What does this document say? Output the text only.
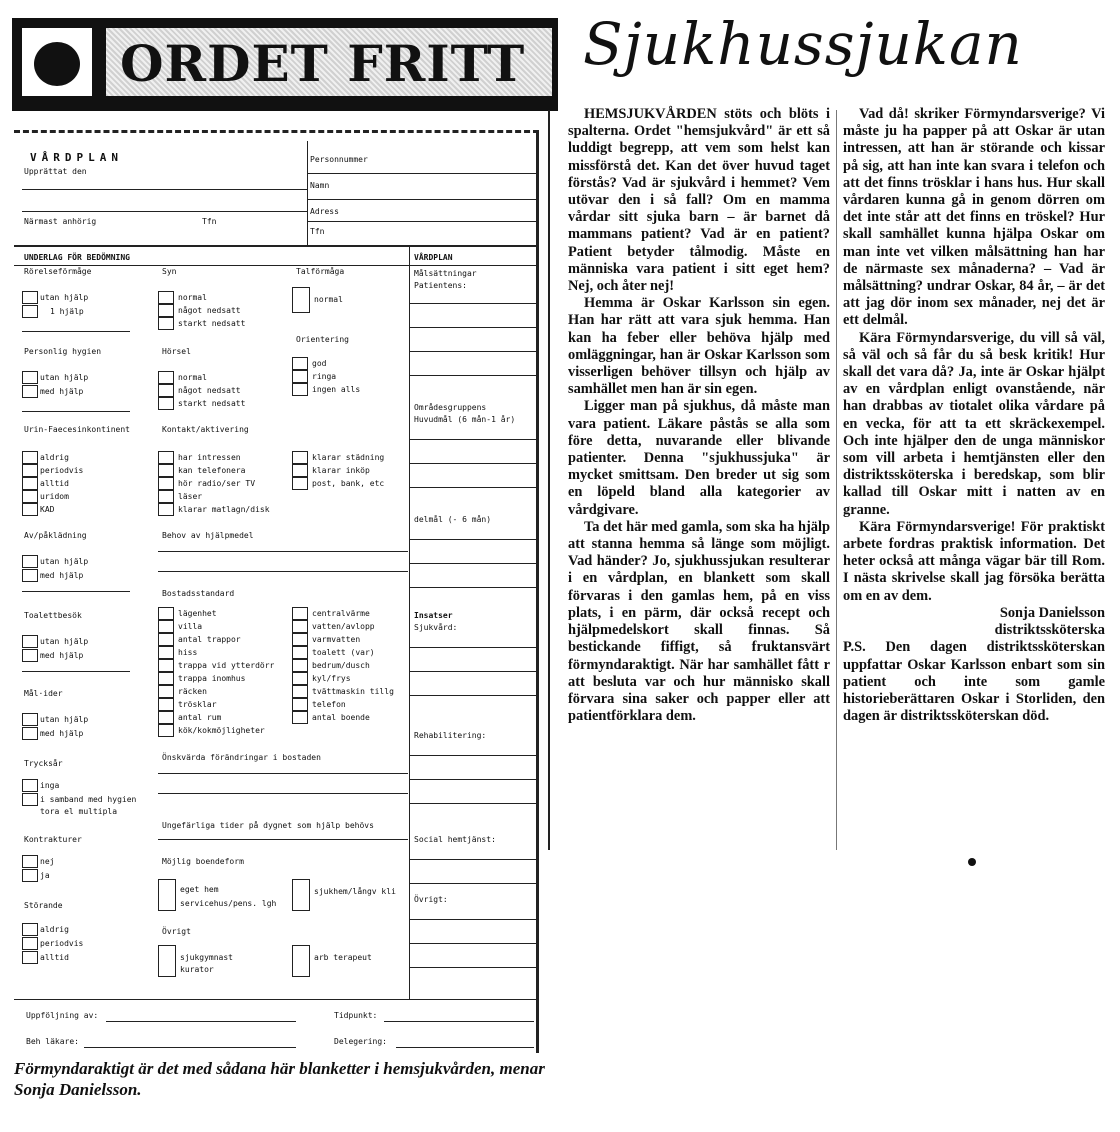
ORDET FRITT Sjukhussjukan
VÅRDPLAN
Upprättat den
Närmast anhörig	Tfn
Personnummer
Namn
Adress
Tfn
UNDERLAG FÖR BEDÖMNING	VÅRDPLAN
Rörelseförmåge
utan hjälp
1 hjälp
Personlig hygien
utan hjälp
med hjälp
Urin-Faecesinkontinent
aldrig
periodvis
alltid
uridom
KAD
Av/påklädning
utan hjälp
med hjälp
Toalettbesök
utan hjälp
med hjälp
Mål·ider
utan hjälp
med hjälp
Trycksår
inga
i samband med hygien
tora el multipla
Kontrakturer
nej
ja
Störande
aldrig
periodvis
alltid
Syn
normal
något nedsatt
starkt nedsatt
Hörsel
normal
något nedsatt
starkt nedsatt
Kontakt/aktivering
har intressen
kan telefonera
hör radio/ser TV
läser
klarar matlagn/disk
klarar städning
klarar inköp
post, bank, etc
Behov av hjälpmedel
Bostadsstandard
lägenhet
villa
antal trappor
hiss
trappa vid ytterdörr
trappa inomhus
räcken
trösklar
antal rum
kök/kokmöjligheter
centralvärme
vatten/avlopp
varmvatten
toalett (var)
bedrum/dusch
kyl/frys
tvättmaskin tillg
telefon
antal boende
Önskvärda förändringar i bostaden
Ungefärliga tider på dygnet som hjälp behövs
Möjlig boendeform
eget hem
servicehus/pens. lgh
sjukhem/långv kli
Övrigt
sjukgymnast
kurator
arb terapeut
Talförmåga
normal
Orientering
god
ringa
ingen alls
Målsättningar
Patientens:
Områdesgruppens
Huvudmål (6 mån-1 år)
delmål (- 6 mån)
Insatser
Sjukvård:
Rehabilitering:
Social hemtjänst:
Övrigt:
Uppföljning av:	Tidpunkt:
Beh läkare:	Delegering:
Förmyndaraktigt är det med sådana här blanketter i hemsjukvården, menar Sonja Danielsson.

HEMSJUKVÅRDEN stöts och blöts i spalterna. Ordet "hemsjukvård" är ett så luddigt begrepp, att vem som helst kan missförstå det. Kan det över huvud taget förstås? Vad är sjukvård i hemmet? Vem utövar den i så fall? Om en mamma vårdar sitt sjuka barn – är barnet då mammans patient? Vad är en patient? Patient betyder tålmodig. Måste en människa vara patient i sitt eget hem? Nej, och åter nej!

Hemma är Oskar Karlsson sin egen. Han har rätt att vara sjuk hemma. Han kan ha feber eller behöva hjälp med omläggningar, han är Oskar Karlsson som visserligen behöver tillsyn och hjälp av samhället men han är sin egen.

Ligger man på sjukhus, då måste man vara patient. Läkare påstås se alla som före detta, nuvarande eller blivande patienter. Denna "sjukhussjuka" är mycket smittsam. Den breder ut sig som en löpeld bland alla kategorier av vårdgivare.

Ta det här med gamla, som ska ha hjälp att stanna hemma så länge som möjligt. Vad händer? Jo, sjukhussjukan resulterar i en vårdplan, en blankett som skall förvaras i den gamlas hem, på en viss plats, i en pärm, där också recept och hjälpmedelskort skall finnas. Så bestickande fiffigt, så fruktansvärt förmyndaraktigt. När har samhället fått r att besluta var och hur människo skall förvara sina saker och papper eller att patientförklara dem.

Vad då! skriker Förmyndarsverige? Vi måste ju ha papper på att Oskar är utan intressen, att han är störande och kissar på sig, att han inte kan svara i telefon och att det finns trösklar i hans hus. Hur skall vårdaren kunna gå in genom dörren om det inte står att det finns en tröskel? Hur skall samhället kunna hjälpa Oskar om man inte vet vilken målsättning han har de närmaste sex månaderna? – Vad är målsättning? undrar Oskar, 84 år, – är det att jag dör inom sex månader, nej det är ett delmål.

Kära Förmyndarsverige, du vill så väl, så väl och så får du så besk kritik! Hur skall det vara då? Ja, inte är Oskar hjälpt av en vårdplan enligt ovanstående, när han drabbas av tiotalet olika vårdare på en vecka, för att ta ett skräckexempel. Och inte hjälper den de unga människor som vill arbeta i hemtjänsten eller den distriktssköterska i beredskap, som blir kallad till Oskar mitt i natten av en granne.

Kära Förmyndarsverige! För praktiskt arbete fordras praktisk information. Det heter också att många vägar bär till Rom. I nästa skrivelse skall jag försöka berätta om en av dem.

Sonja Danielsson

distriktssköterska

P.S. Den dagen distriktssköterskan uppfattar Oskar Karlsson enbart som sin patient och inte som gamle historieberättaren Oskar i Storliden, den dagen är distriktssköterskan död.
